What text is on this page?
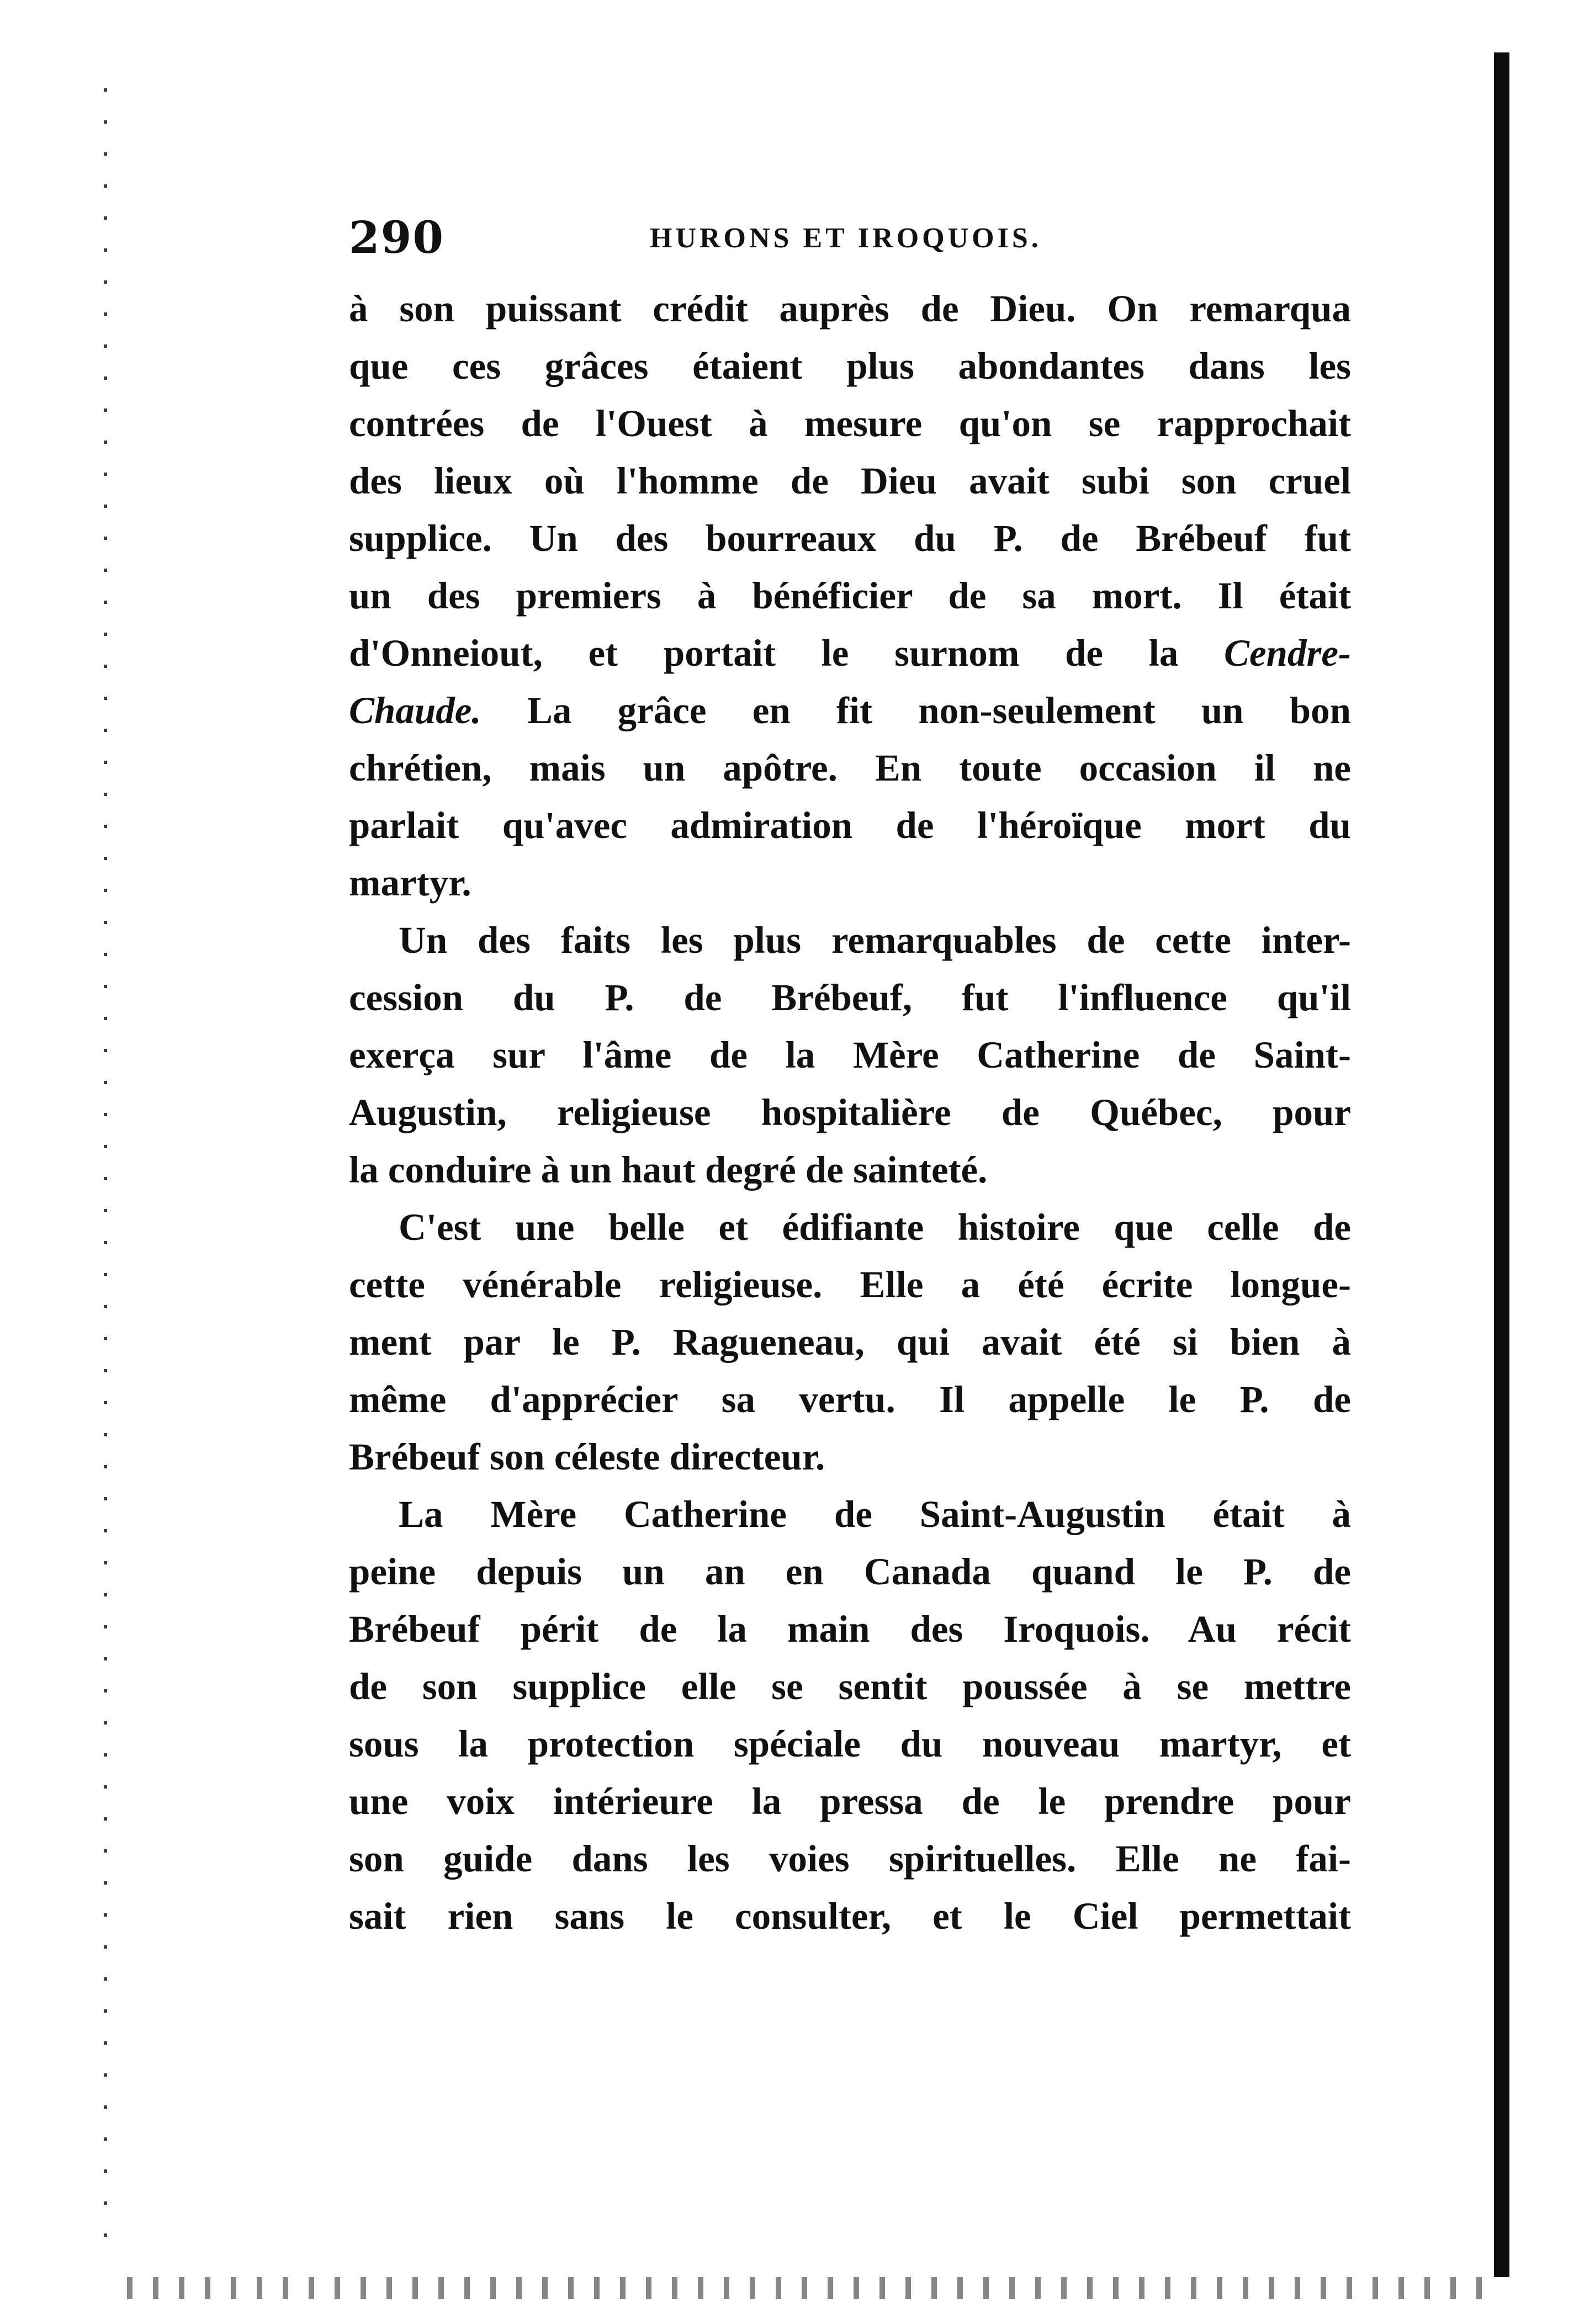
290	HURONS ET IROQUOIS.
à son puissant crédit auprès de Dieu. On remarqua
que ces grâces étaient plus abondantes dans les
contrées de l'Ouest à mesure qu'on se rapprochait
des lieux où l'homme de Dieu avait subi son cruel
supplice. Un des bourreaux du P. de Brébeuf fut
un des premiers à bénéficier de sa mort. Il était
d'Onneiout, et portait le surnom de la Cendre-
Chaude. La grâce en fit non-seulement un bon
chrétien, mais un apôtre. En toute occasion il ne
parlait qu'avec admiration de l'héroïque mort du
martyr.
Un des faits les plus remarquables de cette inter-
cession du P. de Brébeuf, fut l'influence qu'il
exerça sur l'âme de la Mère Catherine de Saint-
Augustin, religieuse hospitalière de Québec, pour
la conduire à un haut degré de sainteté.
C'est une belle et édifiante histoire que celle de
cette vénérable religieuse. Elle a été écrite longue-
ment par le P. Ragueneau, qui avait été si bien à
même d'apprécier sa vertu. Il appelle le P. de
Brébeuf son céleste directeur.
La Mère Catherine de Saint-Augustin était à
peine depuis un an en Canada quand le P. de
Brébeuf périt de la main des Iroquois. Au récit
de son supplice elle se sentit poussée à se mettre
sous la protection spéciale du nouveau martyr, et
une voix intérieure la pressa de le prendre pour
son guide dans les voies spirituelles. Elle ne fai-
sait rien sans le consulter, et le Ciel permettait
